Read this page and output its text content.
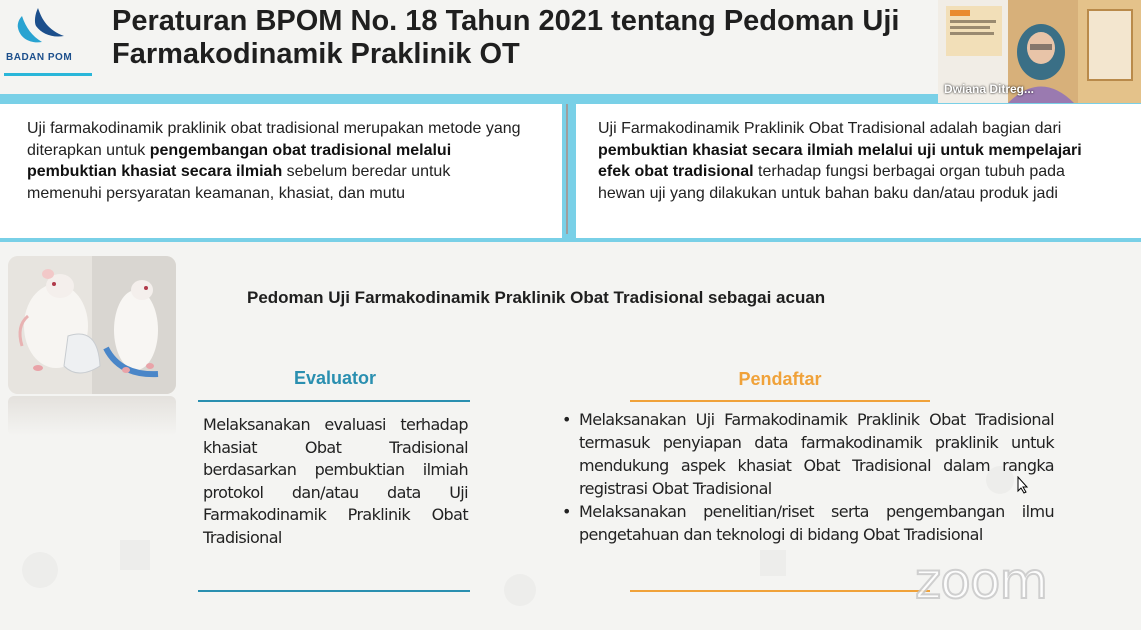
BADAN POM
Peraturan BPOM No. 18 Tahun 2021 tentang Pedoman Uji Farmakodinamik Praklinik OT
Uji farmakodinamik praklinik obat tradisional merupakan metode yang diterapkan untuk pengembangan obat tradisional melalui pembuktian khasiat secara ilmiah sebelum beredar untuk memenuhi persyaratan keamanan, khasiat, dan mutu
Uji Farmakodinamik Praklinik Obat Tradisional adalah bagian dari pembuktian khasiat secara ilmiah melalui uji untuk mempelajari efek obat tradisional terhadap fungsi berbagai organ tubuh pada hewan uji yang dilakukan untuk bahan baku dan/atau produk jadi
Pedoman Uji Farmakodinamik Praklinik Obat Tradisional sebagai acuan
Evaluator
Melaksanakan evaluasi terhadap khasiat Obat Tradisional berdasarkan pembuktian ilmiah protokol dan/atau data Uji Farmakodinamik Praklinik Obat Tradisional
Pendaftar
• Melaksanakan Uji Farmakodinamik Praklinik Obat Tradisional termasuk penyiapan data farmakodinamik praklinik untuk mendukung aspek khasiat Obat Tradisional dalam rangka registrasi Obat Tradisional
• Melaksanakan penelitian/riset serta pengembangan ilmu pengetahuan dan teknologi di bidang Obat Tradisional
zoom
Dwiana Ditreg...
